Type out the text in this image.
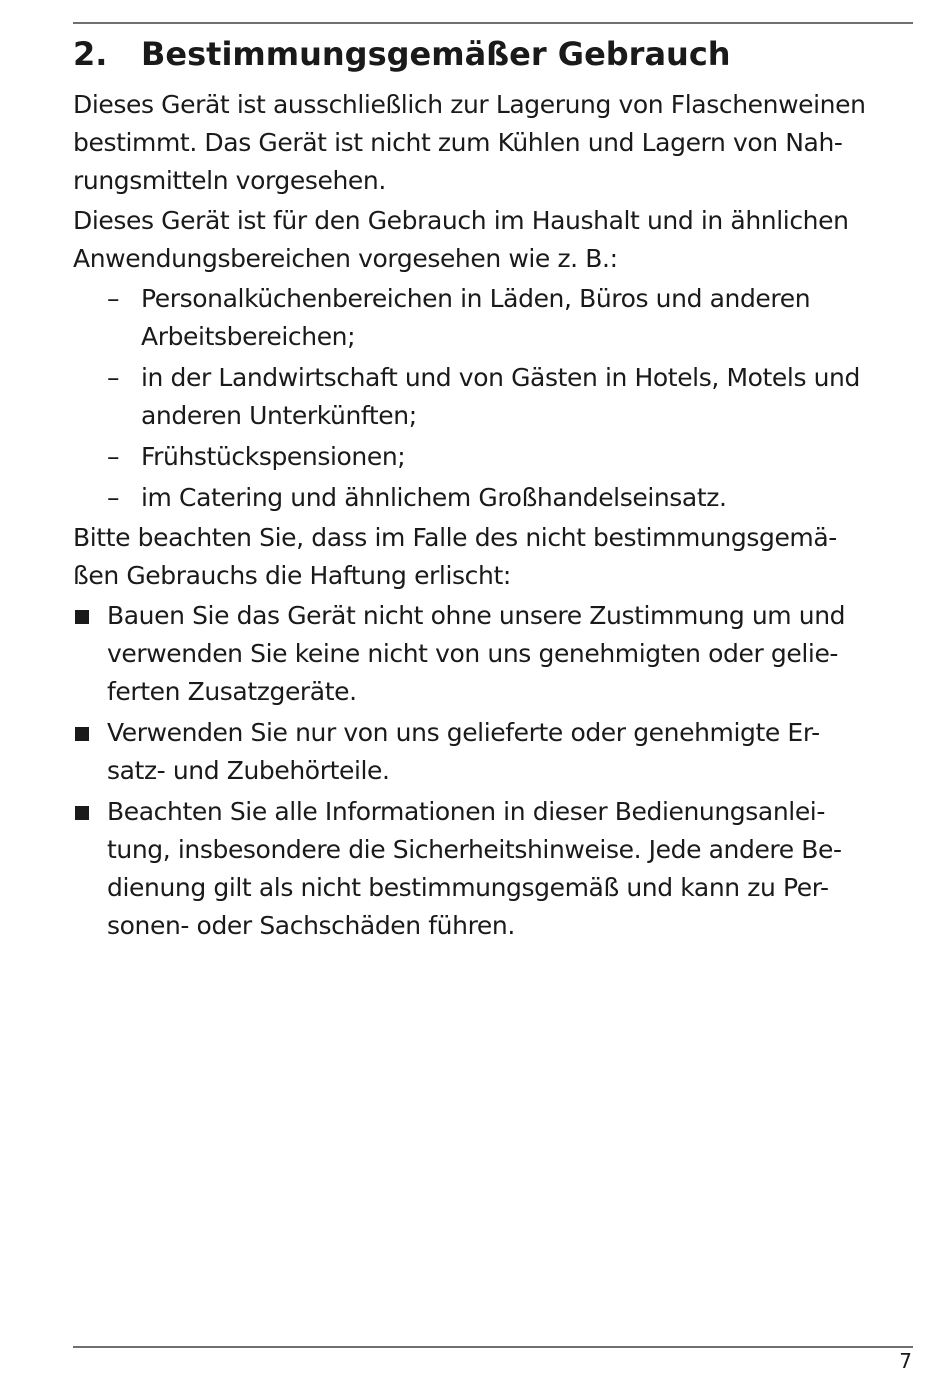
2. Bestimmungsgemäßer Gebrauch
Dieses Gerät ist ausschließlich zur Lagerung von Flaschenweinen
bestimmt. Das Gerät ist nicht zum Kühlen und Lagern von Nah-
rungsmitteln vorgesehen.
Dieses Gerät ist für den Gebrauch im Haushalt und in ähnlichen
Anwendungsbereichen vorgesehen wie z. B.:
– Personalküchenbereichen in Läden, Büros und anderen
Arbeitsbereichen;
– in der Landwirtschaft und von Gästen in Hotels, Motels und
anderen Unterkünften;
– Frühstückspensionen;
– im Catering und ähnlichem Großhandelseinsatz.
Bitte beachten Sie, dass im Falle des nicht bestimmungsgemä-
ßen Gebrauchs die Haftung erlischt:
Bauen Sie das Gerät nicht ohne unsere Zustimmung um und
verwenden Sie keine nicht von uns genehmigten oder gelie-
ferten Zusatzgeräte.
Verwenden Sie nur von uns gelieferte oder genehmigte Er-
satz- und Zubehörteile.
Beachten Sie alle Informationen in dieser Bedienungsanlei-
tung, insbesondere die Sicherheitshinweise. Jede andere Be-
dienung gilt als nicht bestimmungsgemäß und kann zu Per-
sonen- oder Sachschäden führen.
7
